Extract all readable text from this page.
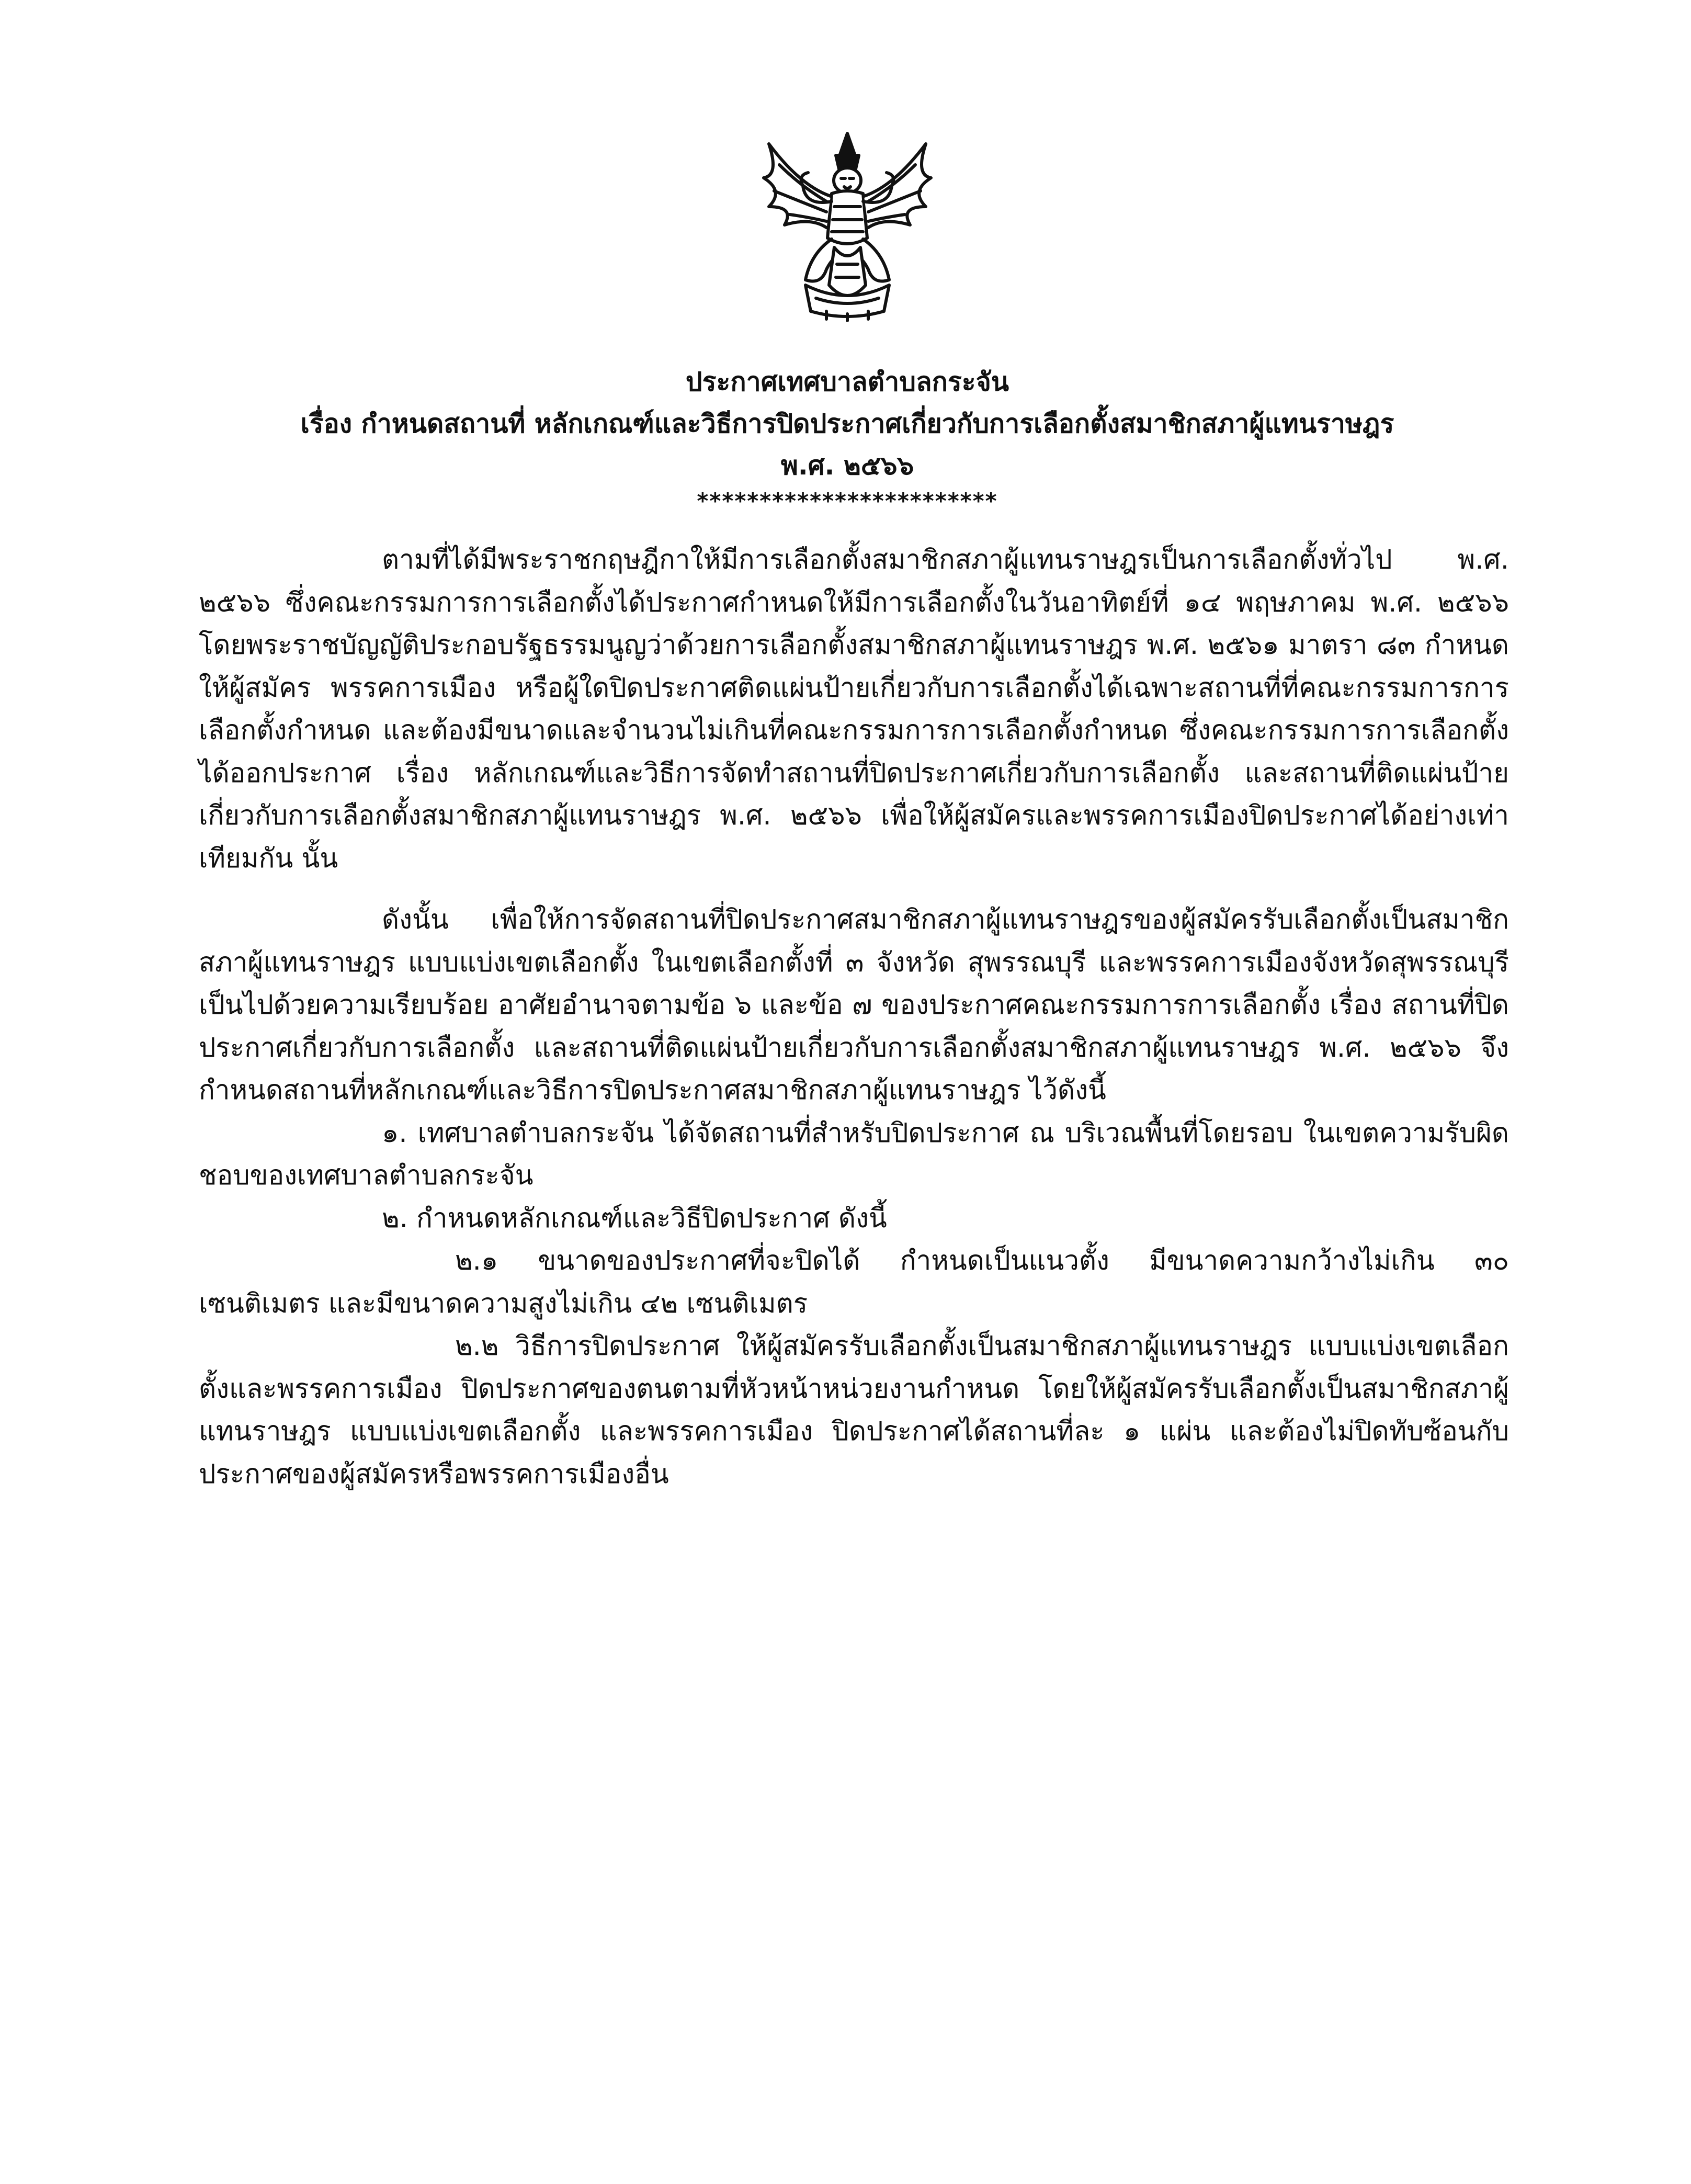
ประกาศเทศบาลตำบลกระจัน
เรื่อง กำหนดสถานที่ หลักเกณฑ์และวิธีการปิดประกาศเกี่ยวกับการเลือกตั้งสมาชิกสภาผู้แทนราษฎร
พ.ศ. ๒๕๖๖
************************

ตามที่ได้มีพระราชกฤษฎีกาให้มีการเลือกตั้งสมาชิกสภาผู้แทนราษฎรเป็นการเลือกตั้งทั่วไป พ.ศ. ๒๕๖๖ ซึ่งคณะกรรมการการเลือกตั้งได้ประกาศกำหนดให้มีการเลือกตั้งในวันอาทิตย์ที่ ๑๔ พฤษภาคม พ.ศ. ๒๕๖๖ โดยพระราชบัญญัติประกอบรัฐธรรมนูญว่าด้วยการเลือกตั้งสมาชิกสภาผู้แทนราษฎร พ.ศ. ๒๕๖๑ มาตรา ๘๓ กำหนดให้ผู้สมัคร พรรคการเมือง หรือผู้ใดปิดประกาศติดแผ่นป้ายเกี่ยวกับการเลือกตั้งได้เฉพาะสถานที่ที่คณะกรรมการการเลือกตั้งกำหนด และต้องมีขนาดและจำนวนไม่เกินที่คณะกรรมการการเลือกตั้งกำหนด ซึ่งคณะกรรมการการเลือกตั้งได้ออกประกาศ เรื่อง หลักเกณฑ์และวิธีการจัดทำสถานที่ปิดประกาศเกี่ยวกับการเลือกตั้ง และสถานที่ติดแผ่นป้ายเกี่ยวกับการเลือกตั้งสมาชิกสภาผู้แทนราษฎร พ.ศ. ๒๕๖๖ เพื่อให้ผู้สมัครและพรรคการเมืองปิดประกาศได้อย่างเท่าเทียมกัน นั้น

ดังนั้น เพื่อให้การจัดสถานที่ปิดประกาศสมาชิกสภาผู้แทนราษฎรของผู้สมัครรับเลือกตั้งเป็นสมาชิกสภาผู้แทนราษฎร แบบแบ่งเขตเลือกตั้ง ในเขตเลือกตั้งที่ ๓ จังหวัด สุพรรณบุรี และพรรคการเมืองจังหวัดสุพรรณบุรี เป็นไปด้วยความเรียบร้อย อาศัยอำนาจตามข้อ ๖ และข้อ ๗ ของประกาศคณะกรรมการการเลือกตั้ง เรื่อง สถานที่ปิดประกาศเกี่ยวกับการเลือกตั้ง และสถานที่ติดแผ่นป้ายเกี่ยวกับการเลือกตั้งสมาชิกสภาผู้แทนราษฎร พ.ศ. ๒๕๖๖ จึงกำหนดสถานที่หลักเกณฑ์และวิธีการปิดประกาศสมาชิกสภาผู้แทนราษฎร ไว้ดังนี้

๑. เทศบาลตำบลกระจัน ได้จัดสถานที่สำหรับปิดประกาศ ณ บริเวณพื้นที่โดยรอบ ในเขตความรับผิดชอบของเทศบาลตำบลกระจัน

๒. กำหนดหลักเกณฑ์และวิธีปิดประกาศ ดังนี้

๒.๑ ขนาดของประกาศที่จะปิดได้ กำหนดเป็นแนวตั้ง มีขนาดความกว้างไม่เกิน ๓๐ เซนติเมตร และมีขนาดความสูงไม่เกิน ๔๒ เซนติเมตร

๒.๒ วิธีการปิดประกาศ ให้ผู้สมัครรับเลือกตั้งเป็นสมาชิกสภาผู้แทนราษฎร แบบแบ่งเขตเลือกตั้งและพรรคการเมือง ปิดประกาศของตนตามที่หัวหน้าหน่วยงานกำหนด โดยให้ผู้สมัครรับเลือกตั้งเป็นสมาชิกสภาผู้แทนราษฎร แบบแบ่งเขตเลือกตั้ง และพรรคการเมือง ปิดประกาศได้สถานที่ละ ๑ แผ่น และต้องไม่ปิดทับซ้อนกับประกาศของผู้สมัครหรือพรรคการเมืองอื่น
